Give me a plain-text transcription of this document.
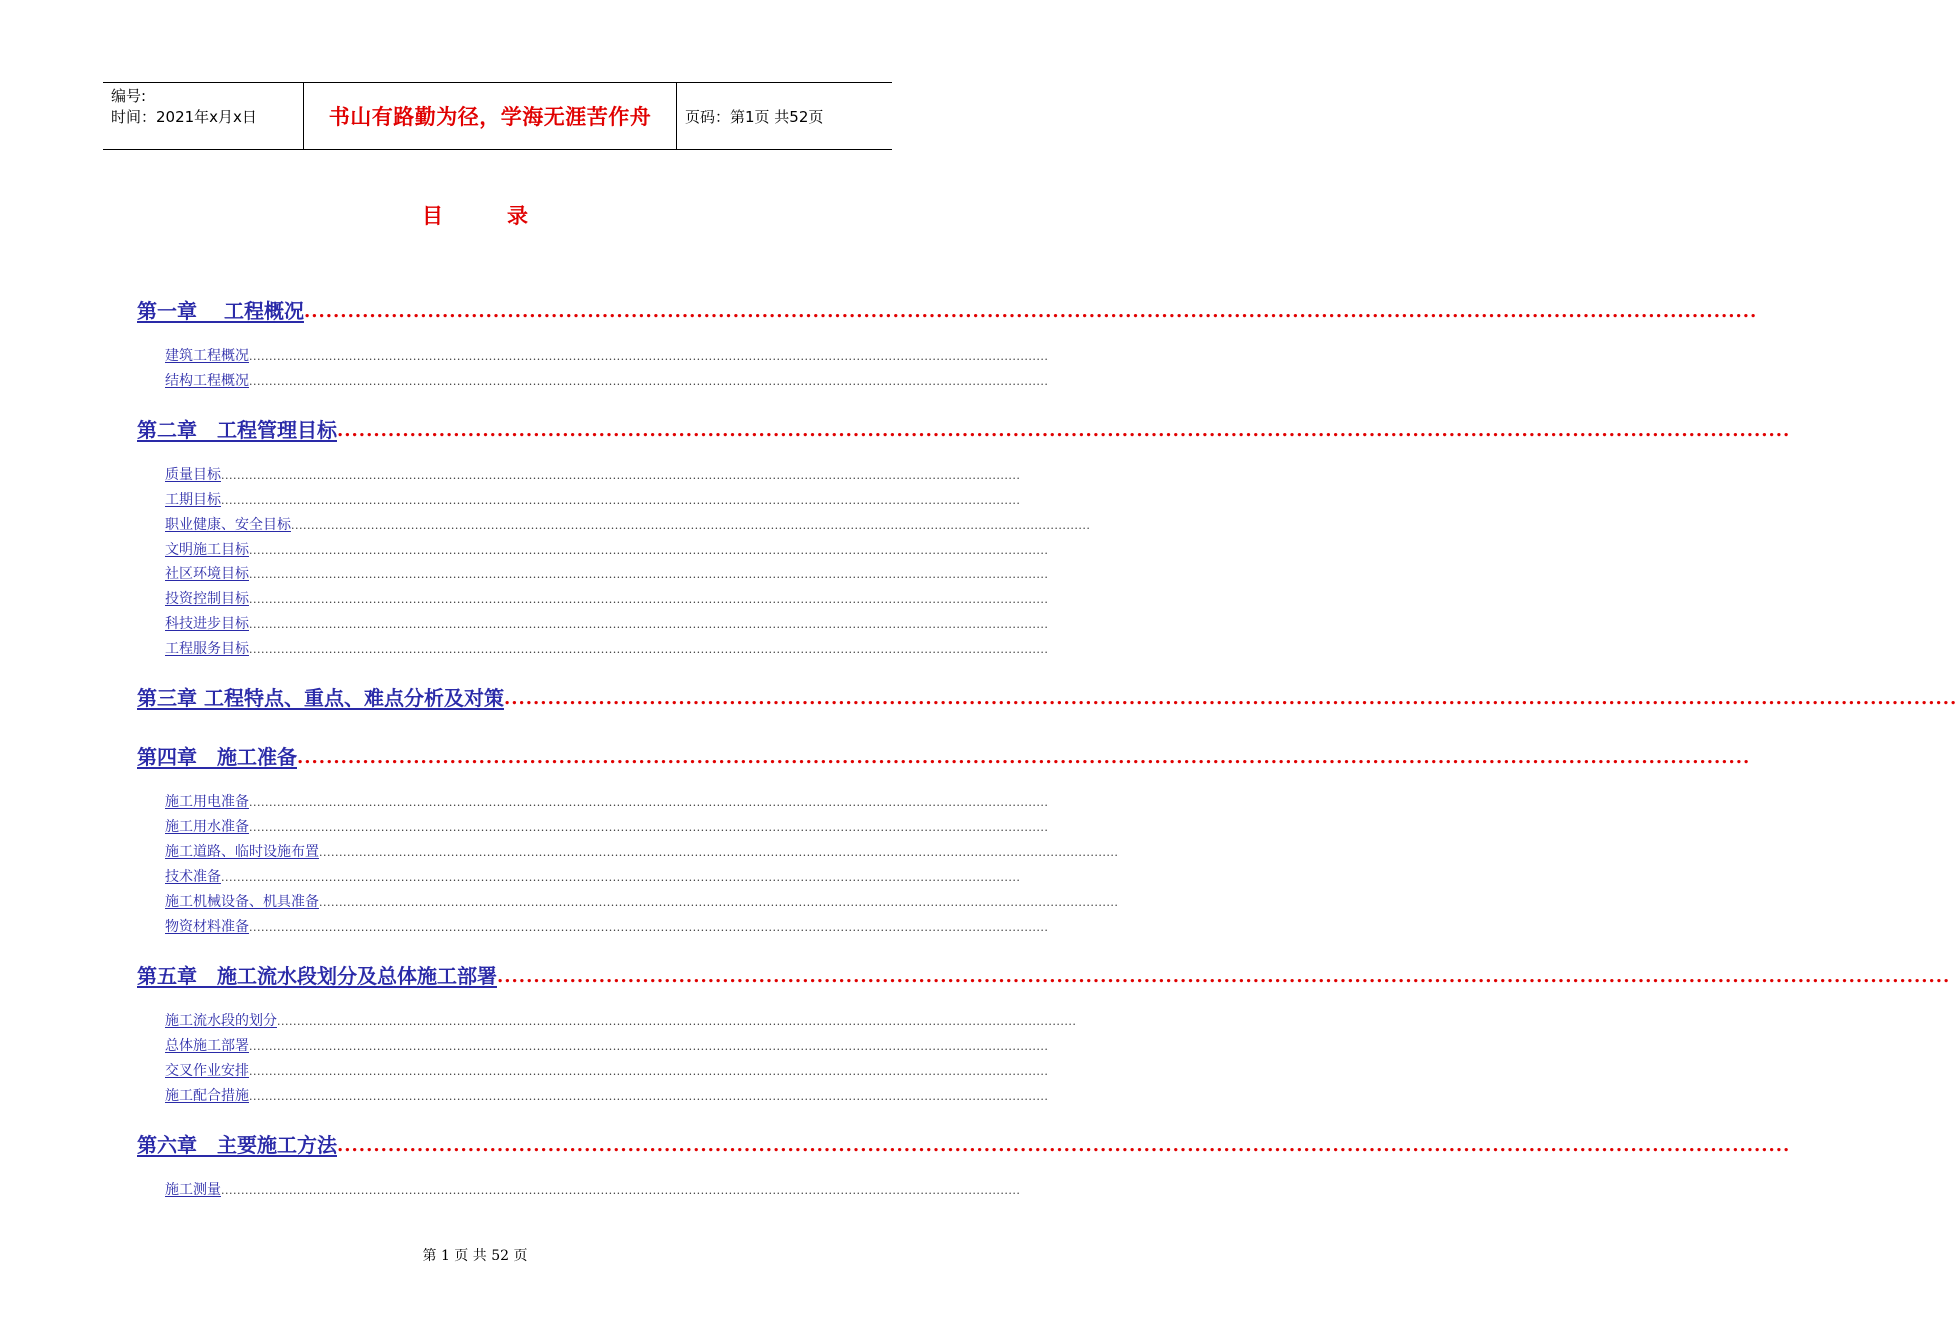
编号:
时间：2021年x月x日	书山有路勤为径，学海无涯苦作舟	页码：第1页 共52页
目录
第一章 　工程概况 ........................................................................................................................................................................................................
建筑工程概况 ........................................................................................................................................................................................................
结构工程概况 ........................................................................................................................................................................................................
第二章　工程管理目标 ........................................................................................................................................................................................................
质量目标 ........................................................................................................................................................................................................
工期目标 ........................................................................................................................................................................................................
职业健康、安全目标 ........................................................................................................................................................................................................
文明施工目标 ........................................................................................................................................................................................................
社区环境目标 ........................................................................................................................................................................................................
投资控制目标 ........................................................................................................................................................................................................
科技进步目标 ........................................................................................................................................................................................................
工程服务目标 ........................................................................................................................................................................................................
第三章 工程特点、重点、难点分析及对策 ........................................................................................................................................................................................................
第四章　施工准备 ........................................................................................................................................................................................................
施工用电准备 ........................................................................................................................................................................................................
施工用水准备 ........................................................................................................................................................................................................
施工道路、临时设施布置 ........................................................................................................................................................................................................
技术准备 ........................................................................................................................................................................................................
施工机械设备、机具准备 ........................................................................................................................................................................................................
物资材料准备 ........................................................................................................................................................................................................
第五章　施工流水段划分及总体施工部署 ........................................................................................................................................................................................................
施工流水段的划分 ........................................................................................................................................................................................................
总体施工部署 ........................................................................................................................................................................................................
交叉作业安排 ........................................................................................................................................................................................................
施工配合措施 ........................................................................................................................................................................................................
第六章　主要施工方法 ........................................................................................................................................................................................................
施工测量 ........................................................................................................................................................................................................
第 1 页 共 52 页
